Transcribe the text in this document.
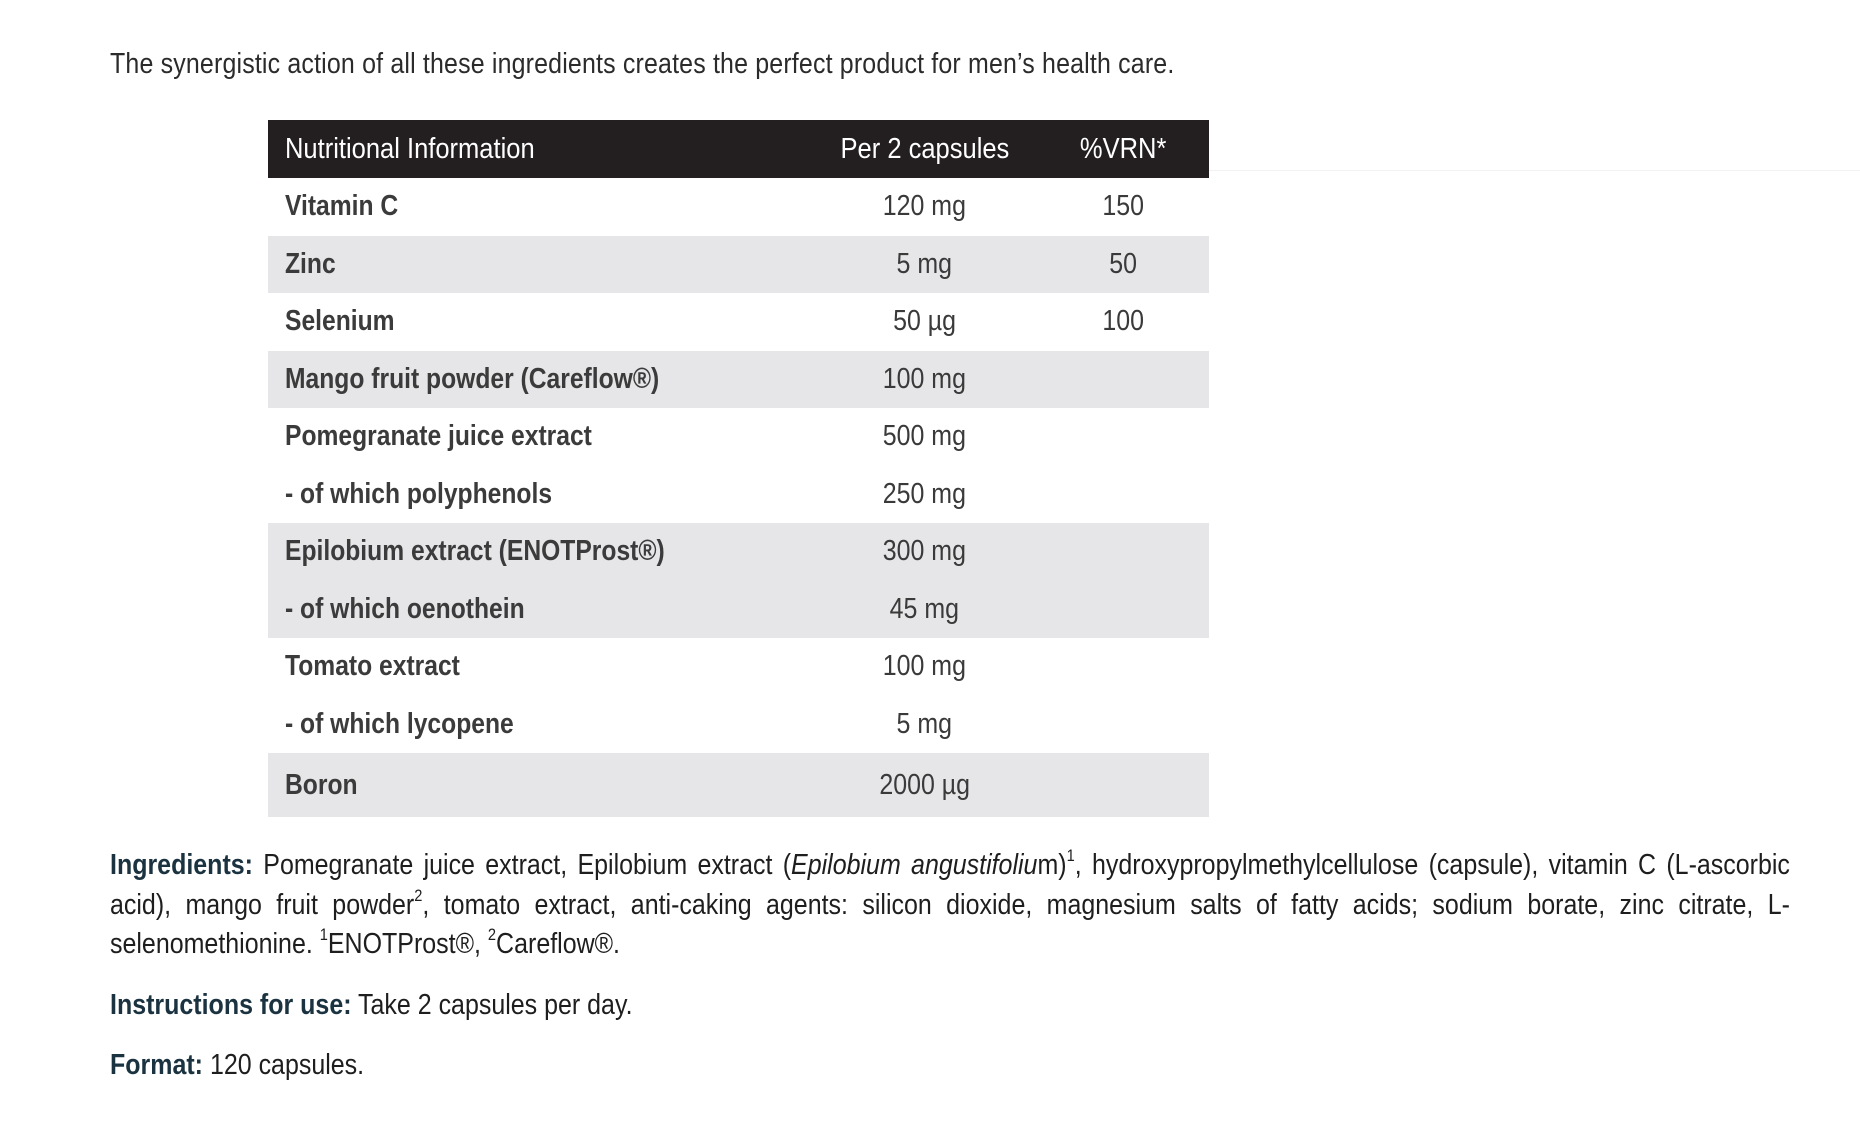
The synergistic action of all these ingredients creates the perfect product for men’s health care.
Nutritional Information	Per 2 capsules	%VRN*
Vitamin C	120 mg	150
Zinc	5 mg	50
Selenium	50 µg	100
Mango fruit powder (Careflow®)	100 mg	
Pomegranate juice extract	500 mg	
- of which polyphenols	250 mg	
Epilobium extract (ENOTProst®)	300 mg	
- of which oenothein	45 mg	
Tomato extract	100 mg	
- of which lycopene	5 mg	
Boron	2000 µg	
Ingredients: Pomegranate juice extract, Epilobium extract (Epilobium angustifolium)$^1$, hydroxypropylmethylcellulose (capsule), vitamin C (L-ascorbic acid), mango fruit powder$^2$, tomato extract, anti-caking agents: silicon dioxide, magnesium salts of fatty acids; sodium borate, zinc citrate, L-selenomethionine. $^1$ENOTProst®, $^2$Careflow®.
Instructions for use: Take 2 capsules per day.
Format: 120 capsules.
